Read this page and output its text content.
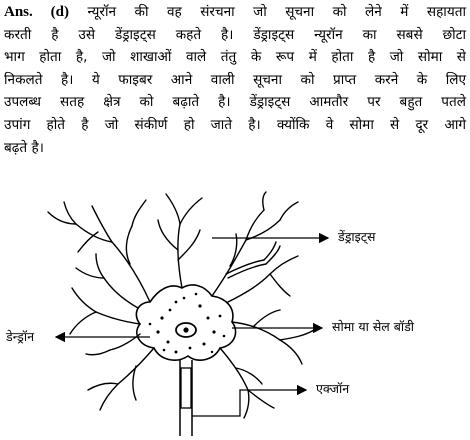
Ans. (d) न्यूरॉन की वह संरचना जो सूचना को लेने में सहायता
करती है उसे डेंड्राइट्स कहते है। डेंड्राइट्स न्यूरॉन का सबसे छोटा
भाग होता है, जो शाखाओं वाले तंतु के रूप में होता है जो सोमा से
निकलते है। ये फाइबर आने वाली सूचना को प्राप्त करने के लिए
उपलब्ध सतह क्षेत्र को बढ़ाते है। डेंड्राइट्स आमतौर पर बहुत पतले
उपांग होते है जो संकीर्ण हो जाते है। क्योंकि वे सोमा से दूर आगे
बढ़ते है।
डेंड्राइट्स
डेन्ड्रॉन
सोमा या सेल बॉडी
एक्जॉन
